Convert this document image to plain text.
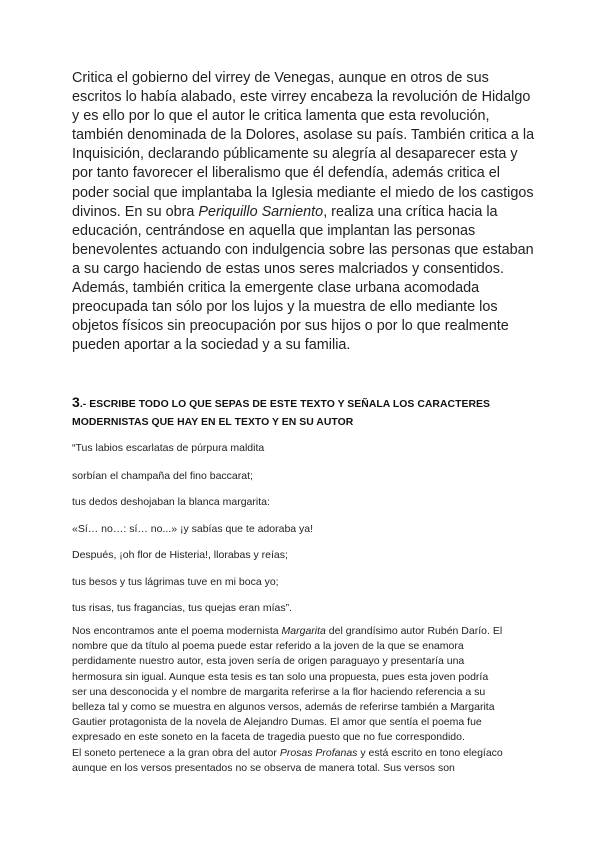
Critica el gobierno del virrey de Venegas, aunque en otros de sus

escritos lo había alabado, este virrey encabeza la revolución de Hidalgo

y es ello por lo que el autor le critica lamenta que esta revolución,

también denominada de la Dolores, asolase su país. También critica a la

Inquisición, declarando públicamente su alegría al desaparecer esta y

por tanto favorecer el liberalismo que él defendía, además critica el

poder social que implantaba la Iglesia mediante el miedo de los castigos

divinos. En su obra Periquillo Sarniento, realiza una crítica hacia la

educación, centrándose en aquella que implantan las personas

benevolentes actuando con indulgencia sobre las personas que estaban

a su cargo haciendo de estas unos seres malcriados y consentidos.

Además, también critica la emergente clase urbana acomodada

preocupada tan sólo por los lujos y la muestra de ello mediante los

objetos físicos sin preocupación por sus hijos o por lo que realmente

pueden aportar a la sociedad y a su familia.

3.- ESCRIBE TODO LO QUE SEPAS DE ESTE TEXTO Y SEÑALA LOS CARACTERES
MODERNISTAS QUE HAY EN EL TEXTO Y EN SU AUTOR

“Tus labios escarlatas de púrpura maldita

sorbían el champaña del fino baccarat;

tus dedos deshojaban la blanca margarita:

«Sí… no…: sí… no...» ¡y sabías que te adoraba ya!

Después, ¡oh flor de Histeria!, llorabas y reías;

tus besos y tus lágrimas tuve en mi boca yo;

tus risas, tus fragancias, tus quejas eran mías”.

Nos encontramos ante el poema modernista Margarita del grandísimo autor Rubén Darío. El

nombre que da título al poema puede estar referido a la joven de la que se enamora

perdidamente nuestro autor, esta joven sería de origen paraguayo y presentaría una

hermosura sin igual. Aunque esta tesis es tan solo una propuesta, pues esta joven podría

ser una desconocida y el nombre de margarita referirse a la flor haciendo referencia a su

belleza tal y como se muestra en algunos versos, además de referirse también a Margarita

Gautier protagonista de la novela de Alejandro Dumas. El amor que sentía el poema fue

expresado en este soneto en la faceta de tragedia puesto que no fue correspondido.

El soneto pertenece a la gran obra del autor Prosas Profanas y está escrito en tono elegíaco

aunque en los versos presentados no se observa de manera total. Sus versos son
